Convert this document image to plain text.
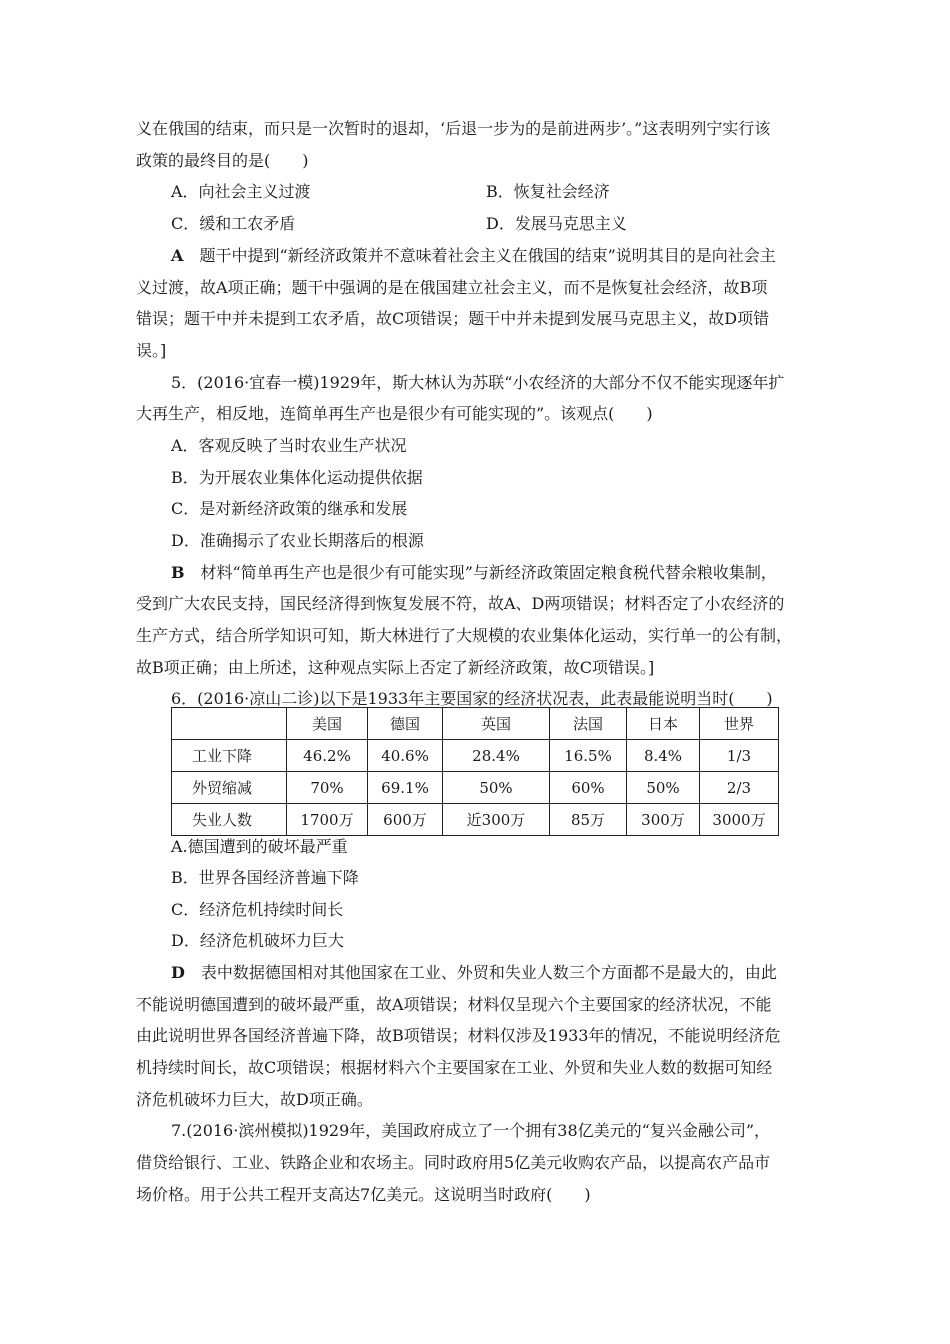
义在俄国的结束，而只是一次暂时的退却，‘后退一步为的是前进两步’。”这表明列宁实行该
政策的最终目的是(　　)
A．向社会主义过渡	B．恢复社会经济
C．缓和工农矛盾	D．发展马克思主义
A　 题干中提到“新经济政策并不意味着社会主义在俄国的结束”说明其目的是向社会主
义过渡，故A项正确；题干中强调的是在俄国建立社会主义，而不是恢复社会经济，故B项
错误；题干中并未提到工农矛盾，故C项错误；题干中并未提到发展马克思主义，故D项错
误。]
5．(2016·宜春一模)1929年，斯大林认为苏联“小农经济的大部分不仅不能实现逐年扩
大再生产，相反地，连简单再生产也是很少有可能实现的”。该观点(　　)
A．客观反映了当时农业生产状况
B．为开展农业集体化运动提供依据
C．是对新经济政策的继承和发展
D．准确揭示了农业长期落后的根源
B　 材料“简单再生产也是很少有可能实现”与新经济政策固定粮食税代替余粮收集制，
受到广大农民支持，国民经济得到恢复发展不符，故A、D两项错误；材料否定了小农经济的
生产方式，结合所学知识可知，斯大林进行了大规模的农业集体化运动，实行单一的公有制，
故B项正确；由上所述，这种观点实际上否定了新经济政策，故C项错误。]
6．(2016·凉山二诊)以下是1933年主要国家的经济状况表，此表最能说明当时(　　)
	美国	德国	英国	法国	日本	世界
工业下降	46.2%	40.6%	28.4%	16.5%	8.4%	1/3
外贸缩减	70%	69.1%	50%	60%	50%	2/3
失业人数	1700万	600万	近300万	85万	300万	3000万
A.德国遭到的破坏最严重
B．世界各国经济普遍下降
C．经济危机持续时间长
D．经济危机破坏力巨大
D　 表中数据德国相对其他国家在工业、外贸和失业人数三个方面都不是最大的，由此
不能说明德国遭到的破坏最严重，故A项错误；材料仅呈现六个主要国家的经济状况，不能
由此说明世界各国经济普遍下降，故B项错误；材料仅涉及1933年的情况，不能说明经济危
机持续时间长，故C项错误；根据材料六个主要国家在工业、外贸和失业人数的数据可知经
济危机破坏力巨大，故D项正确。
7.(2016·滨州模拟)1929年，美国政府成立了一个拥有38亿美元的“复兴金融公司”，
借贷给银行、工业、铁路企业和农场主。同时政府用5亿美元收购农产品，以提高农产品市
场价格。用于公共工程开支高达7亿美元。这说明当时政府(　　)
